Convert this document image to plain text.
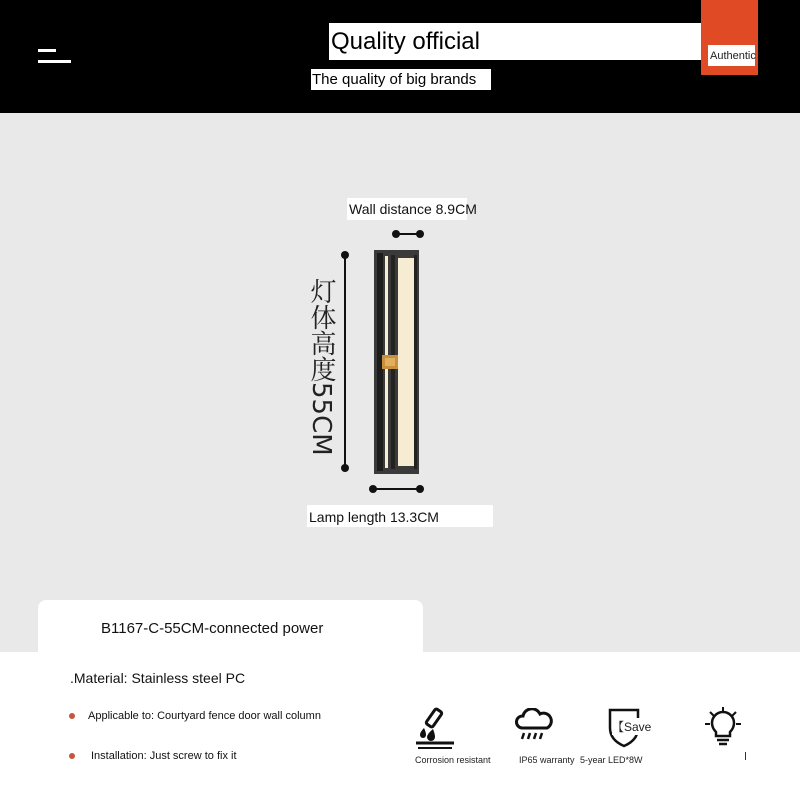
Quality official
Authentic
The quality of big brands
Wall distance 8.9CM
Lamp length 13.3CM
灯体高度55CM
B1167-C-55CM-connected power
.Material: Stainless steel PC
Applicable to: Courtyard fence door wall column
Installation: Just screw to fix it	Corrosion resistant	IP65 warranty
【Save
5-year LED*8W
